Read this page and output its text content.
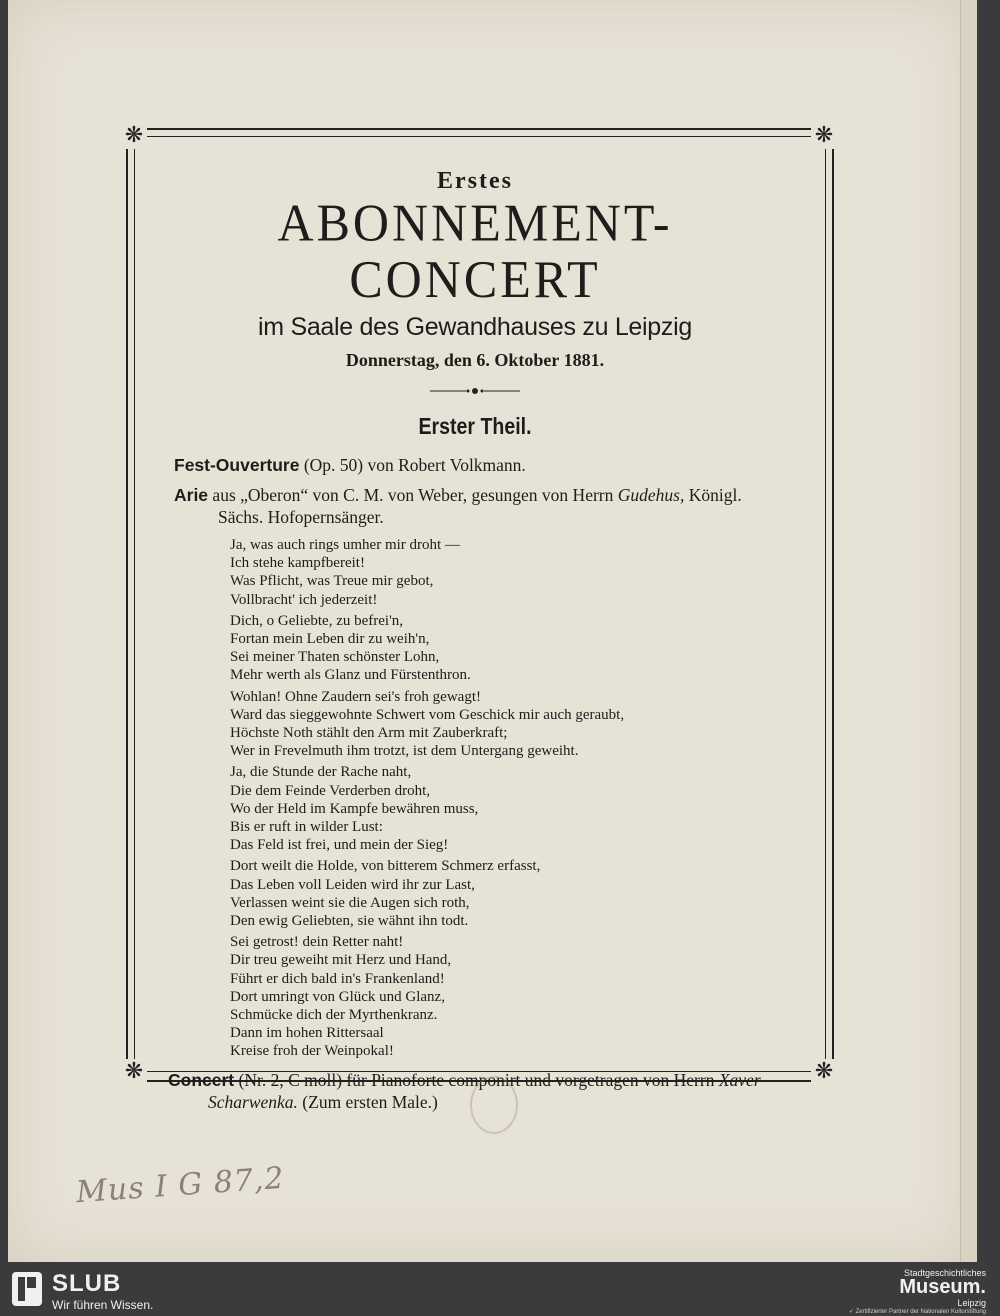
❋	❋
❋	❋

Erstes

ABONNEMENT-CONCERT

im Saale des Gewandhauses zu Leipzig

Donnerstag, den 6. Oktober 1881.

Erster Theil.

Fest-Ouverture (Op. 50) von Robert Volkmann.
Arie aus „Oberon“ von C. M. von Weber, gesungen von Herrn Gudehus, Königl. Sächs. Hofopernsänger.
Ja, was auch rings umher mir droht —
Ich stehe kampfbereit!
Was Pflicht, was Treue mir gebot,
Vollbracht' ich jederzeit!
Dich, o Geliebte, zu befrei'n,
Fortan mein Leben dir zu weih'n,
Sei meiner Thaten schönster Lohn,
Mehr werth als Glanz und Fürstenthron.
Wohlan! Ohne Zaudern sei's froh gewagt!
Ward das sieggewohnte Schwert vom Geschick mir auch geraubt,
Höchste Noth stählt den Arm mit Zauberkraft;
Wer in Frevelmuth ihm trotzt, ist dem Untergang geweiht.
Ja, die Stunde der Rache naht,
Die dem Feinde Verderben droht,
Wo der Held im Kampfe bewähren muss,
Bis er ruft in wilder Lust:
Das Feld ist frei, und mein der Sieg!
Dort weilt die Holde, von bitterem Schmerz erfasst,
Das Leben voll Leiden wird ihr zur Last,
Verlassen weint sie die Augen sich roth,
Den ewig Geliebten, sie wähnt ihn todt.
Sei getrost! dein Retter naht!
Dir treu geweiht mit Herz und Hand,
Führt er dich bald in's Frankenland!
Dort umringt von Glück und Glanz,
Schmücke dich der Myrthenkranz.
Dann im hohen Rittersaal
Kreise froh der Weinpokal!
Concert (Nr. 2, C moll) für Pianoforte componirt und vorgetragen von Herrn Xaver Scharwenka. (Zum ersten Male.)
Mus I G 87,2
SLUB
Wir führen Wissen.
Stadtgeschichtliches
Museum.
Leipzig
✓ Zertifizierter Partner der Nationalen Kulturstiftung
